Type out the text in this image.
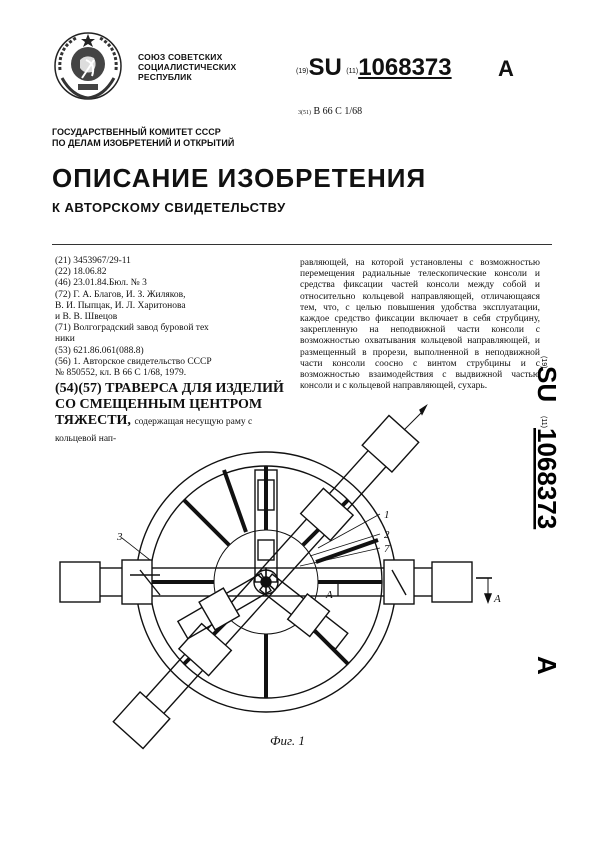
СОЮЗ СОВЕТСКИХ
СОЦИАЛИСТИЧЕСКИХ
РЕСПУБЛИК
(19)SU (11)1068373 A
3(51) В 66 С 1/68
ГОСУДАРСТВЕННЫЙ КОМИТЕТ СССР
ПО ДЕЛАМ ИЗОБРЕТЕНИЙ И ОТКРЫТИЙ
ОПИСАНИЕ ИЗОБРЕТЕНИЯ
К АВТОРСКОМУ СВИДЕТЕЛЬСТВУ
(21) 3453967/29-11
(22) 18.06.82
(46) 23.01.84.Бюл. № 3
(72) Г. А. Благов, И. З. Жиляков,
В. И. Пыпцак, И. Л. Харитонова
и В. В. Швецов
(71) Волгоградский завод буровой тех
ники
(53) 621.86.061(088.8)
(56) 1. Авторское свидетельство СССР
№ 850552, кл. В 66 С 1/68, 1979.
(54)(57) ТРАВЕРСА ДЛЯ ИЗДЕЛИЙ СО СМЕЩЕННЫМ ЦЕНТРОМ ТЯЖЕСТИ, содержащая несущую раму с кольцевой нап-
равляющей, на которой установлены с возможностью перемещения радиальные телескопические консоли и средства фиксации частей консоли между собой и относительно кольцевой направляющей, отличающаяся тем, что, с целью повышения удобства эксплуатации, каждое средство фиксации включает в себя струбцину, закрепленную на неподвижной части консоли с возможностью охватывания кольцевой направляющей, и размещенный в прорези, выполненной в неподвижной части консоли соосно с винтом струбцины и с возможностью взаимодействия с выдвижной частью консоли и с кольцевой направляющей, сухарь.
(19)
SU
(11)
1068373
A
1
2
7
3
А	А
Фиг. 1
